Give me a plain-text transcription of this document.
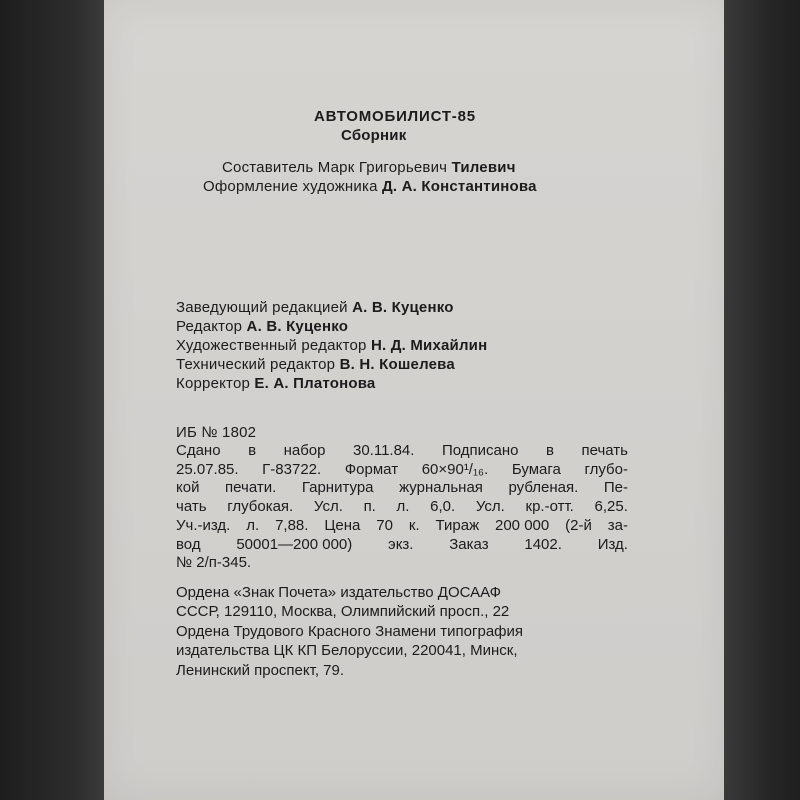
АВТОМОБИЛИСТ-85
Сборник
Составитель Марк Григорьевич Тилевич
Оформление художника Д. А. Константинова
Заведующий редакцией А. В. Куценко
Редактор А. В. Куценко
Художественный редактор Н. Д. Михайлин
Технический редактор В. Н. Кошелева
Корректор Е. А. Платонова
ИБ № 1802
Сдано в набор 30.11.84. Подписано в печать
25.07.85. Г-83722. Формат 60×90¹/₁₆. Бумага глубо-
кой печати. Гарнитура журнальная рубленая. Пе-
чать глубокая. Усл. п. л. 6,0. Усл. кр.-отт. 6,25.
Уч.-изд. л. 7,88. Цена 70 к. Тираж 200 000 (2-й за-
вод 50001—200 000) экз. Заказ 1402. Изд.
№ 2/п-345.
Ордена «Знак Почета» издательство ДОСААФ
СССР, 129110, Москва, Олимпийский просп., 22
Ордена Трудового Красного Знамени типография
издательства ЦК КП Белоруссии, 220041, Минск,
Ленинский проспект, 79.
